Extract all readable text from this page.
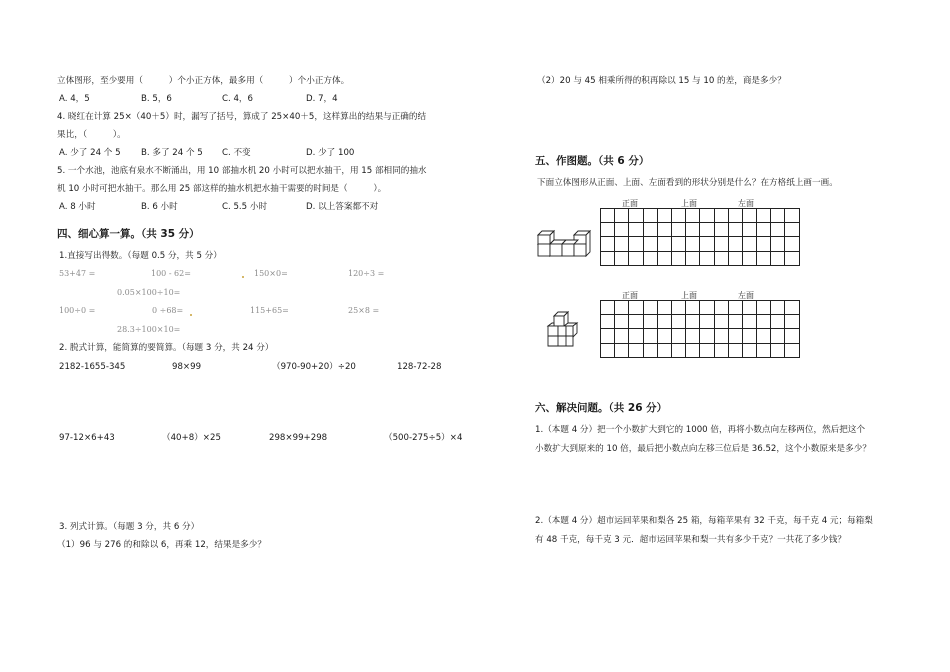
立体图形，至少要用（　　　）个小正方体，最多用（　　　）个小正方体。
A. 4，5	B. 5，6	C. 4，6	D. 7，4
4. 晓红在计算 25×（40＋5）时，漏写了括号，算成了 25×40＋5，这样算出的结果与正确的结
果比，（　　　）。
A. 少了 24 个 5 B. 多了 24 个 5 C. 不变	D. 少了 100
5. 一个水池，池底有泉水不断涌出，用 10 部抽水机 20 小时可以把水抽干，用 15 部相同的抽水
机 10 小时可把水抽干。那么用 25 部这样的抽水机把水抽干需要的时间是（　　　）。
A. 8 小时	B. 6 小时	C. 5.5 小时	D. 以上答案都不对
四、细心算一算。（共 35 分）
1.直接写出得数。（每题 0.5 分，共 5 分）
53+47 =	100 - 62=	150×0=	120÷3 =
0.05×100÷10=
100÷0 =	0 ÷68=	115+65=	25×8 =
28.3÷100×10=
2. 脱式计算，能简算的要简算。（每题 3 分，共 24 分）
2182-1655-345	98×99	（970-90+20）÷20	128-72-28
97-12×6+43	（40+8）×25	298×99+298	（500-275÷5）×4
3. 列式计算。（每题 3 分，共 6 分）
（1）96 与 276 的和除以 6，再乘 12，结果是多少？
（2）20 与 45 相乘所得的积再除以 15 与 10 的差，商是多少？
五、作图题。（共 6 分）
下面立体图形从正面、上面、左面看到的形状分别是什么？在方格纸上画一画。
正面	上面	左面

正面	上面	左面

六、解决问题。（共 26 分）
1.（本题 4 分）把一个小数扩大到它的 1000 倍，再将小数点向左移两位，然后把这个
小数扩大到原来的 10 倍，最后把小数点向左移三位后是 36.52，这个小数原来是多少？
2.（本题 4 分）超市运回苹果和梨各 25 箱，每箱苹果有 32 千克，每千克 4 元；每箱梨
有 48 千克，每千克 3 元．超市运回苹果和梨一共有多少千克？一共花了多少钱？
